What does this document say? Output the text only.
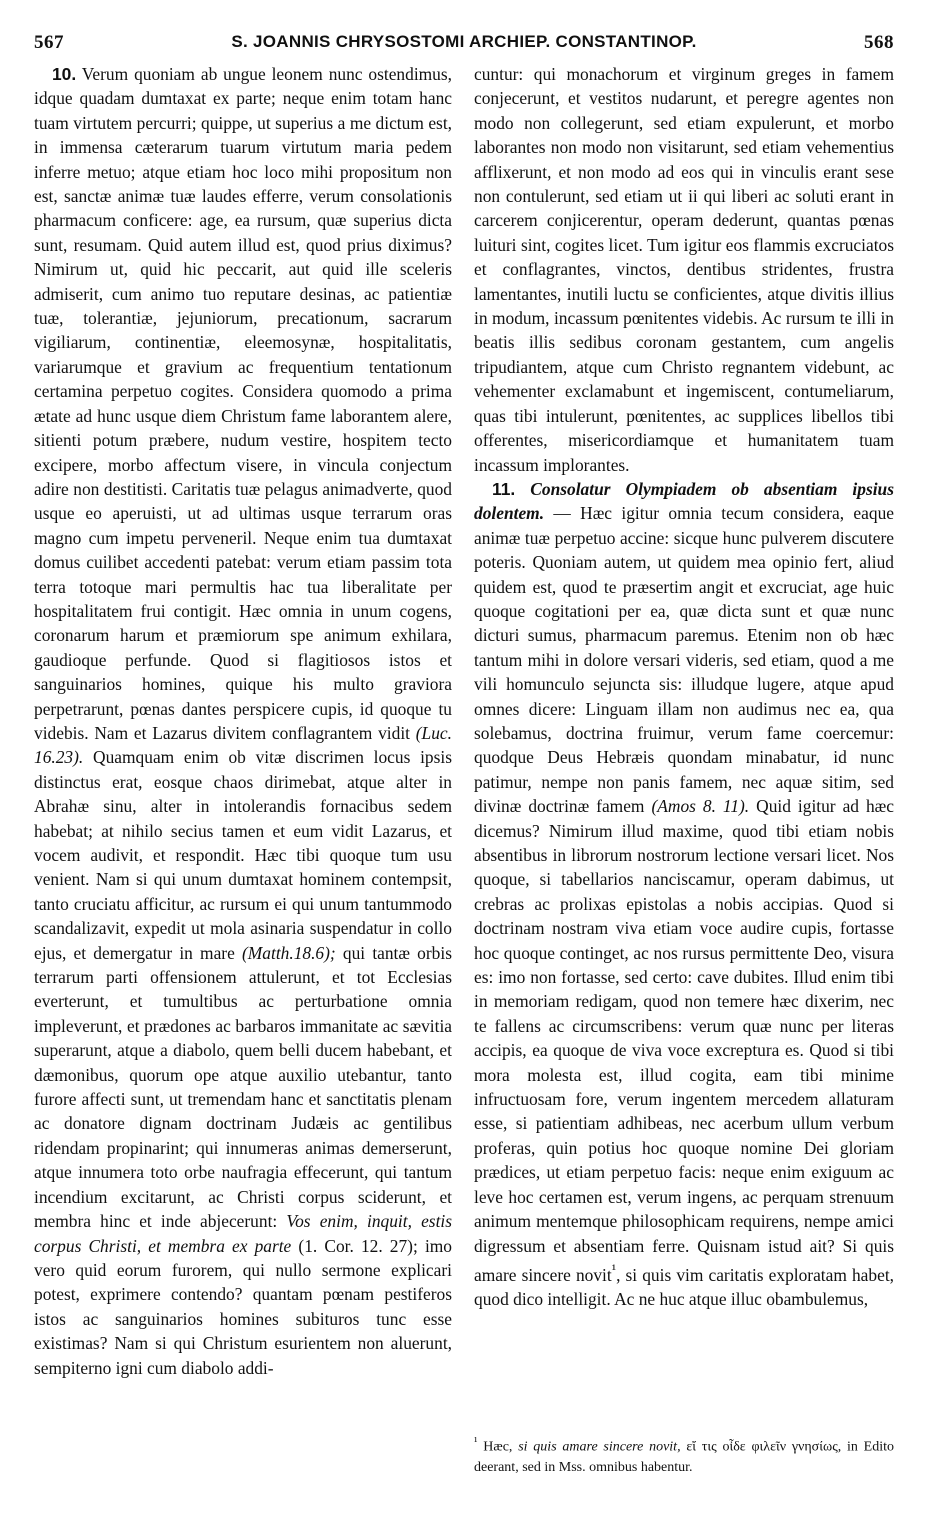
567	S. JOANNIS CHRYSOSTOMI ARCHIEP. CONSTANTINOP.	568

10. Verum quoniam ab ungue leonem nunc ostendimus, idque quadam dumtaxat ex parte; neque enim totam hanc tuam virtutem percurri; quippe, ut superius a me dictum est, in immensa cæterarum tuarum virtutum maria pedem inferre metuo; atque etiam hoc loco mihi propositum non est, sanctæ animæ tuæ laudes efferre, verum consolationis pharmacum conficere: age, ea rursum, quæ superius dicta sunt, resumam. Quid autem illud est, quod prius diximus? Nimirum ut, quid hic peccarit, aut quid ille sceleris admiserit, cum animo tuo reputare desinas, ac patientiæ tuæ, tolerantiæ, jejuniorum, precationum, sacrarum vigiliarum, continentiæ, eleemosynæ, hospitalitatis, variarumque et gravium ac frequentium tentationum certamina perpetuo cogites. Considera quomodo a prima ætate ad hunc usque diem Christum fame laborantem alere, sitienti potum præbere, nudum vestire, hospitem tecto excipere, morbo affectum visere, in vincula conjectum adire non destitisti. Caritatis tuæ pelagus animadverte, quod usque eo aperuisti, ut ad ultimas usque terrarum oras magno cum impetu perveneril. Neque enim tua dumtaxat domus cuilibet accedenti patebat: verum etiam passim tota terra totoque mari permultis hac tua liberalitate per hospitalitatem frui contigit. Hæc omnia in unum cogens, coronarum harum et præmiorum spe animum exhilara, gaudioque perfunde. Quod si flagitiosos istos et sanguinarios homines, quique his multo graviora perpetrarunt, pœnas dantes perspicere cupis, id quoque tu videbis. Nam et Lazarus divitem conflagrantem vidit (Luc. 16.23). Quamquam enim ob vitæ discrimen locus ipsis distinctus erat, eosque chaos dirimebat, atque alter in Abrahæ sinu, alter in intolerandis fornacibus sedem habebat; at nihilo secius tamen et eum vidit Lazarus, et vocem audivit, et respondit. Hæc tibi quoque tum usu venient. Nam si qui unum dumtaxat hominem contempsit, tanto cruciatu afficitur, ac rursum ei qui unum tantummodo scandalizavit, expedit ut mola asinaria suspendatur in collo ejus, et demergatur in mare (Matth.18.6); qui tantæ orbis terrarum parti offensionem attulerunt, et tot Ecclesias everterunt, et tumultibus ac perturbatione omnia impleverunt, et prædones ac barbaros immanitate ac sævitia superarunt, atque a diabolo, quem belli ducem habebant, et dæmonibus, quorum ope atque auxilio utebantur, tanto furore affecti sunt, ut tremendam hanc et sanctitatis plenam ac donatore dignam doctrinam Judæis ac gentilibus ridendam propinarint; qui innumeras animas demerserunt, atque innumera toto orbe naufragia effecerunt, qui tantum incendium excitarunt, ac Christi corpus sciderunt, et membra hinc et inde abjecerunt: Vos enim, inquit, estis corpus Christi, et membra ex parte (1. Cor. 12. 27); imo vero quid eorum furorem, qui nullo sermone explicari potest, exprimere contendo? quantam pœnam pestiferos istos ac sanguinarios homines subituros tunc esse existimas? Nam si qui Christum esurientem non aluerunt, sempiterno igni cum diabolo addi-

cuntur: qui monachorum et virginum greges in famem conjecerunt, et vestitos nudarunt, et peregre agentes non modo non collegerunt, sed etiam expulerunt, et morbo laborantes non modo non visitarunt, sed etiam vehementius afflixerunt, et non modo ad eos qui in vinculis erant sese non contulerunt, sed etiam ut ii qui liberi ac soluti erant in carcerem conjicerentur, operam dederunt, quantas pœnas luituri sint, cogites licet. Tum igitur eos flammis excruciatos et conflagrantes, vinctos, dentibus stridentes, frustra lamentantes, inutili luctu se conficientes, atque divitis illius in modum, incassum pœnitentes videbis. Ac rursum te illi in beatis illis sedibus coronam gestantem, cum angelis tripudiantem, atque cum Christo regnantem videbunt, ac vehementer exclamabunt et ingemiscent, contumeliarum, quas tibi intulerunt, pœnitentes, ac supplices libellos tibi offerentes, misericordiamque et humanitatem tuam incassum implorantes.

11. Consolatur Olympiadem ob absentiam ipsius dolentem. — Hæc igitur omnia tecum considera, eaque animæ tuæ perpetuo accine: sicque hunc pulverem discutere poteris. Quoniam autem, ut quidem mea opinio fert, aliud quidem est, quod te præsertim angit et excruciat, age huic quoque cogitationi per ea, quæ dicta sunt et quæ nunc dicturi sumus, pharmacum paremus. Etenim non ob hæc tantum mihi in dolore versari videris, sed etiam, quod a me vili homunculo sejuncta sis: illudque lugere, atque apud omnes dicere: Linguam illam non audimus nec ea, qua solebamus, doctrina fruimur, verum fame coercemur: quodque Deus Hebræis quondam minabatur, id nunc patimur, nempe non panis famem, nec aquæ sitim, sed divinæ doctrinæ famem (Amos 8. 11). Quid igitur ad hæc dicemus? Nimirum illud maxime, quod tibi etiam nobis absentibus in librorum nostrorum lectione versari licet. Nos quoque, si tabellarios nanciscamur, operam dabimus, ut crebras ac prolixas epistolas a nobis accipias. Quod si doctrinam nostram viva etiam voce audire cupis, fortasse hoc quoque continget, ac nos rursus permittente Deo, visura es: imo non fortasse, sed certo: cave dubites. Illud enim tibi in memoriam redigam, quod non temere hæc dixerim, nec te fallens ac circumscribens: verum quæ nunc per literas accipis, ea quoque de viva voce excreptura es. Quod si tibi mora molesta est, illud cogita, eam tibi minime infructuosam fore, verum ingentem mercedem allaturam esse, si patientiam adhibeas, nec acerbum ullum verbum proferas, quin potius hoc quoque nomine Dei gloriam prædices, ut etiam perpetuo facis: neque enim exiguum ac leve hoc certamen est, verum ingens, ac perquam strenuum animum mentemque philosophicam requirens, nempe amici digressum et absentiam ferre. Quisnam istud ait? Si quis amare sincere novit$^{^1}$, si quis vim caritatis exploratam habet, quod dico intelligit. Ac ne huc atque illuc obambulemus,

$^{^1}$ Hæc, si quis amare sincere novit, εἴ τις οἶδε φιλεῖν γνησίως, in Edito deerant, sed in Mss. omnibus habentur.
